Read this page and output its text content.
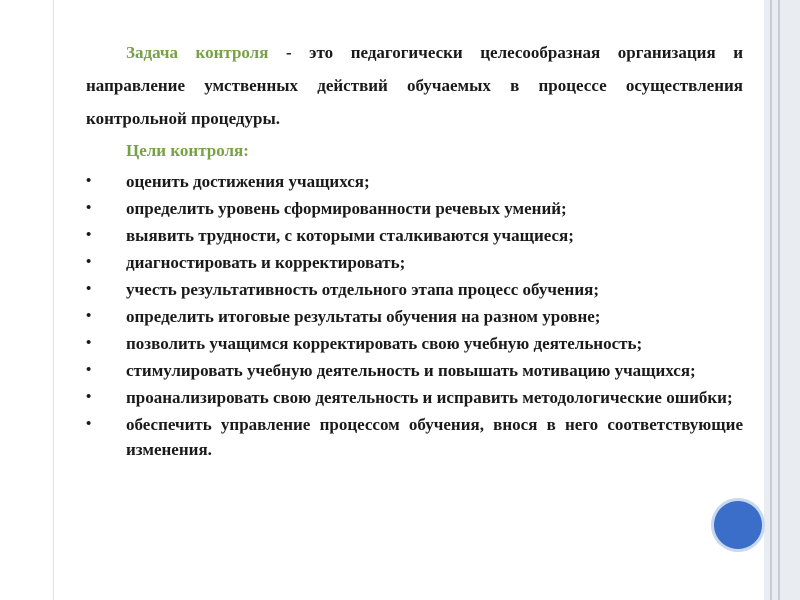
Задача контроля - это педагогически целесообразная организация и направление умственных действий обучаемых в процессе осуществления контрольной процедуры.

Цели контроля:
•	оценить достижения учащихся;
•	определить уровень сформированности речевых умений;
•	выявить трудности, с которыми сталкиваются учащиеся;
•	диагностировать и корректировать;
•	учесть результативность отдельного этапа процесс обучения;
•	определить итоговые результаты обучения на разном уровне;
•	позволить учащимся корректировать свою учебную деятельность;
•	стимулировать учебную деятельность и повышать мотивацию учащихся;
•	проанализировать свою деятельность и исправить методологические ошибки;
•	обеспечить управление процессом обучения, внося в него соответствующие изменения.
